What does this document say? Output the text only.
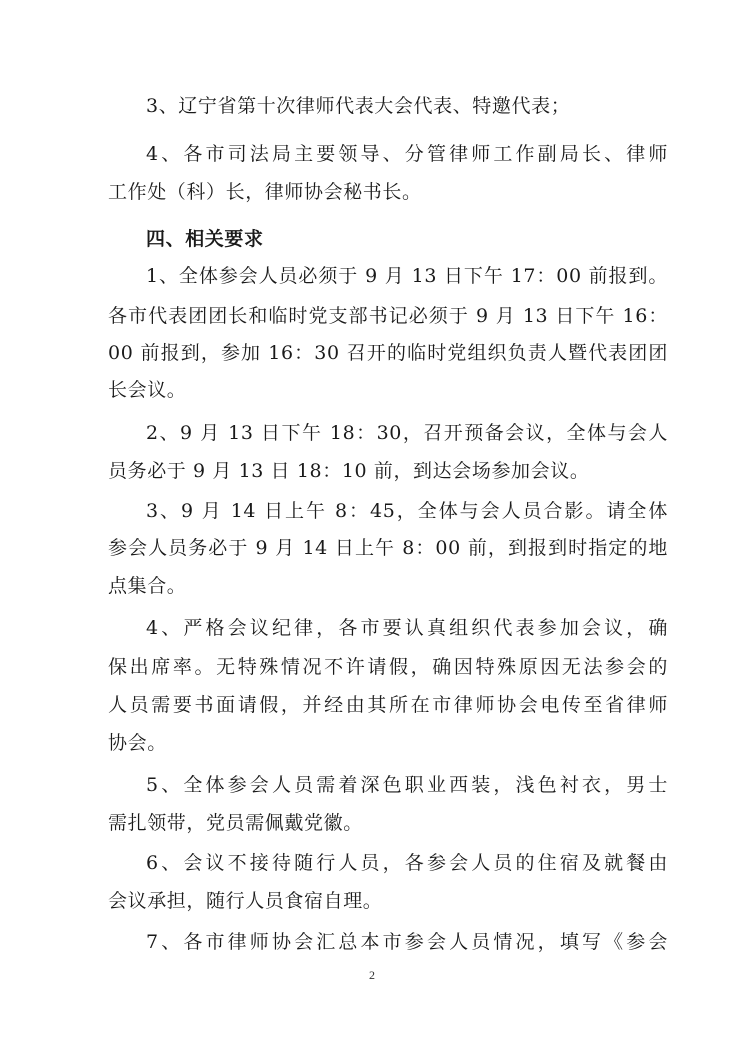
3、辽宁省第十次律师代表大会代表、特邀代表；
4、各市司法局主要领导、分管律师工作副局长、律师
工作处（科）长，律师协会秘书长。
四、相关要求
1、全体参会人员必须于 9 月 13 日下午 17：00 前报到。
各市代表团团长和临时党支部书记必须于 9 月 13 日下午 16：
00 前报到，参加 16：30 召开的临时党组织负责人暨代表团团
长会议。
2、9 月 13 日下午 18：30，召开预备会议，全体与会人
员务必于 9 月 13 日 18：10 前，到达会场参加会议。
3、9 月 14 日上午 8：45，全体与会人员合影。请全体
参会人员务必于 9 月 14 日上午 8：00 前，到报到时指定的地
点集合。
4、严格会议纪律，各市要认真组织代表参加会议，确
保出席率。无特殊情况不许请假，确因特殊原因无法参会的
人员需要书面请假，并经由其所在市律师协会电传至省律师
协会。
5、全体参会人员需着深色职业西装，浅色衬衣，男士
需扎领带，党员需佩戴党徽。
6、会议不接待随行人员，各参会人员的住宿及就餐由
会议承担，随行人员食宿自理。
7、各市律师协会汇总本市参会人员情况，填写《参会
2
